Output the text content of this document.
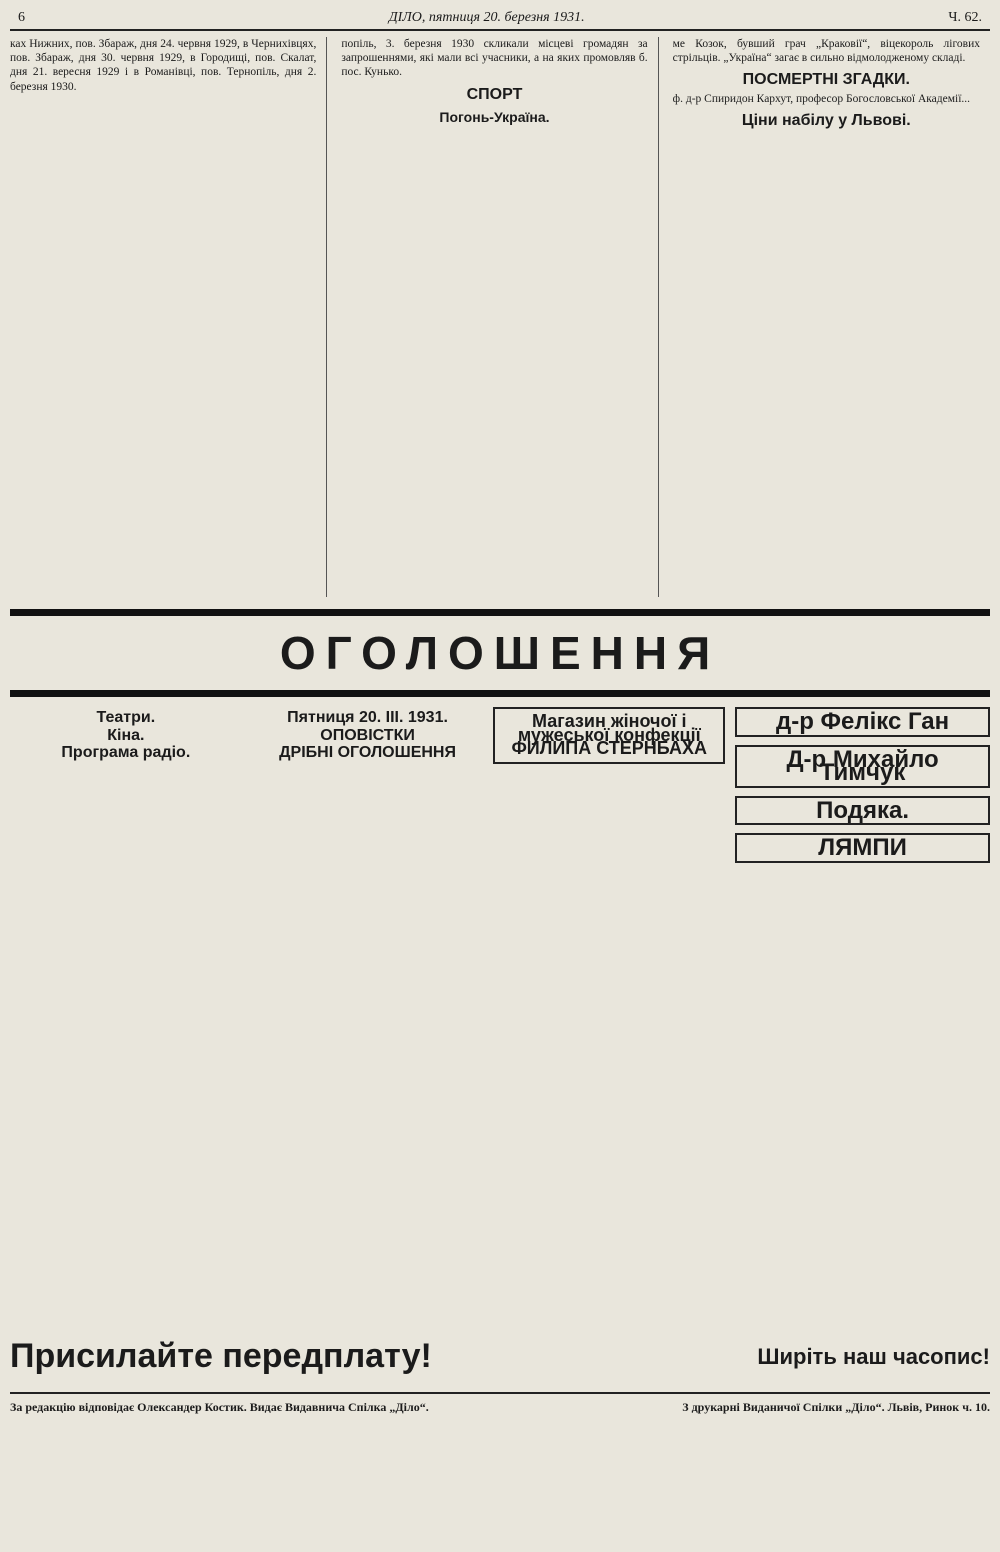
6	ДІЛО, пятниця 20. березня 1931.	Ч. 62.
ках Нижних, пов. Збараж, дня 24. червня 1929, в Чернихівцях, пов. Збараж, дня 30. червня 1929, в Городищі, пов. Скалат, дня 21. вересня 1929 і в Романівці, пов. Тернопіль, дня 2. березня 1930.
попіль, 3. березня 1930 скликали місцеві громадян за запрошеннями, які мали всі учасники, а на яких промовляв б. пос. Кунько.
СПОРТ
Погонь-Україна.
ме Козок, бувший грач „Краковії“, віцекороль лігових стрільців. „Україна“ загає в сильно відмолодженому складі.
ПОСМЕРТНІ ЗГАДКИ.
ф. д-р Спиридон Кархут, професор Богословської Академії...
Ціни набілу у Львові.
ОГОЛОШЕННЯ
Театри.
Кіна.
Програма радіо.
Пятниця 20. III. 1931.
ОПОВІСТКИ
ДРІБНІ ОГОЛОШЕННЯ
Магазин жіночої і мужеської конфекції ФИЛИПА СТЕРНБАХА
д-р Фелікс Ган
Д-р Михайло Тимчук
Подяка.
ЛЯМПИ
Присилайте передплату!	Ширіть наш часопис!
За редакцію відповідає Олександер Костик. Видає Видавнича Спілка „Діло“.	З друкарні Виданичої Спілки „Діло“. Львів, Ринок ч. 10.
